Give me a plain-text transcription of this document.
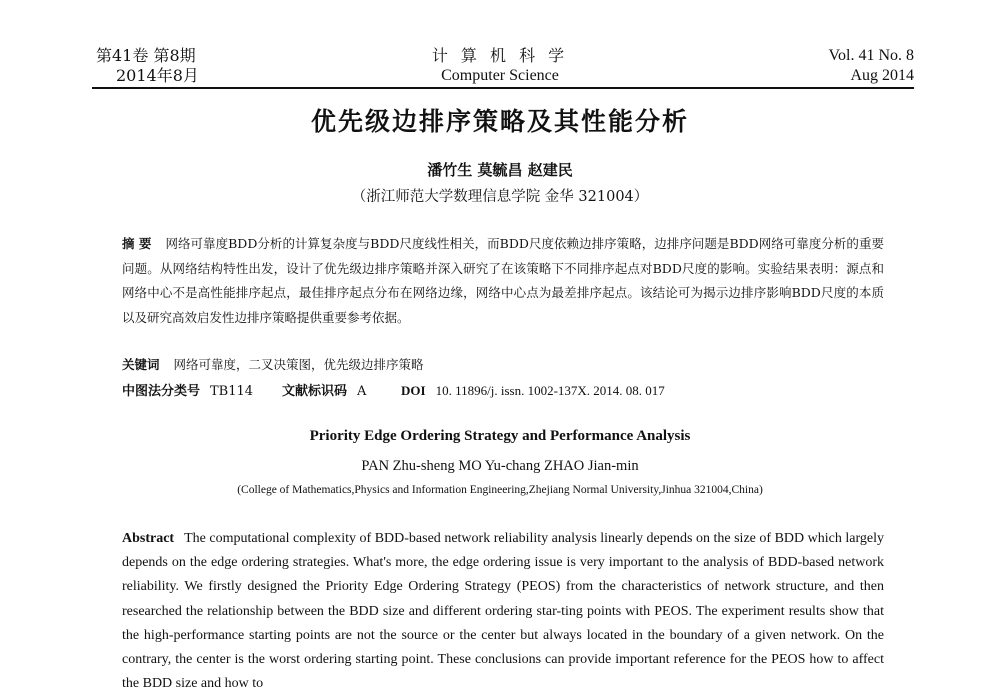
第41卷 第8期
2014年8月
计 算 机 科 学
Computer Science
Vol. 41 No. 8
Aug 2014
优先级边排序策略及其性能分析
潘竹生 莫毓昌 赵建民
（浙江师范大学数理信息学院 金华 321004）
摘 要 网络可靠度BDD分析的计算复杂度与BDD尺度线性相关，而BDD尺度依赖边排序策略，边排序问题是BDD网络可靠度分析的重要问题。从网络结构特性出发，设计了优先级边排序策略并深入研究了在该策略下不同排序起点对BDD尺度的影响。实验结果表明：源点和网络中心不是高性能排序起点，最佳排序起点分布在网络边缘，网络中心点为最差排序起点。该结论可为揭示边排序影响BDD尺度的本质以及研究高效启发性边排序策略提供重要参考依据。
关键词 网络可靠度，二叉决策图，优先级边排序策略
中图法分类号 TB114 文献标识码 A	DOI 10. 11896/j. issn. 1002-137X. 2014. 08. 017
Priority Edge Ordering Strategy and Performance Analysis
PAN Zhu-sheng MO Yu-chang ZHAO Jian-min
(College of Mathematics,Physics and Information Engineering,Zhejiang Normal University,Jinhua 321004,China)
Abstract The computational complexity of BDD-based network reliability analysis linearly depends on the size of BDD which largely depends on the edge ordering strategies. What's more, the edge ordering issue is very important to the analysis of BDD-based network reliability. We firstly designed the Priority Edge Ordering Strategy (PEOS) from the characteristics of network structure, and then researched the relationship between the BDD size and different ordering star-ting points with PEOS. The experiment results show that the high-performance starting points are not the source or the center but always located in the boundary of a given network. On the contrary, the center is the worst ordering starting point. These conclusions can provide important reference for the PEOS how to affect the BDD size and how to
